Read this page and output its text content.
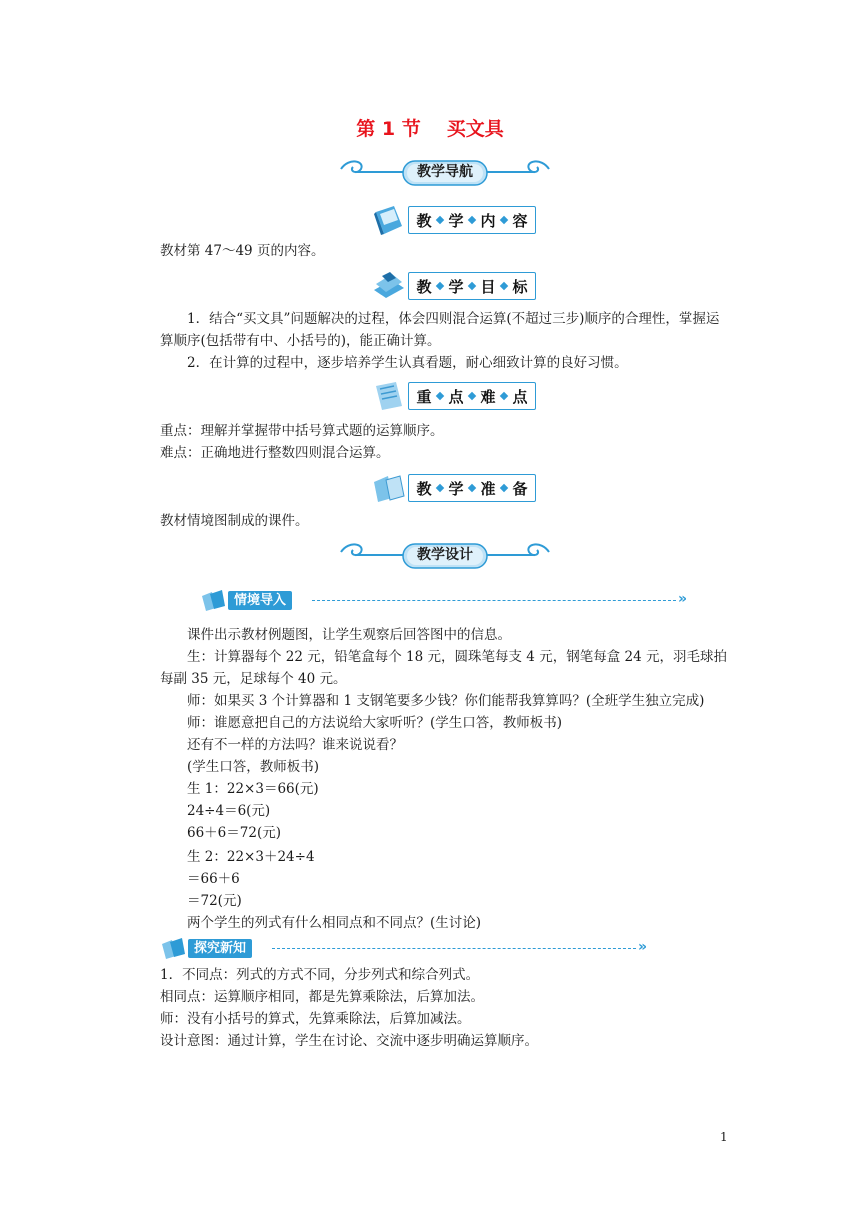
第 1 节 买文具
教学导航
教 学 内 容
教材第 47～49 页的内容。
教 学 目 标
　　1．结合“买文具”问题解决的过程，体会四则混合运算(不超过三步)顺序的合理性，掌握运算顺序(包括带有中、小括号的)，能正确计算。
　　2．在计算的过程中，逐步培养学生认真看题，耐心细致计算的良好习惯。
重 点 难 点
重点：理解并掌握带中括号算式题的运算顺序。
难点：正确地进行整数四则混合运算。
教 学 准 备
教材情境图制成的课件。
教学设计
情境导入	»
　　课件出示教材例题图，让学生观察后回答图中的信息。
　　生：计算器每个 22 元，铅笔盒每个 18 元，圆珠笔每支 4 元，钢笔每盒 24 元，羽毛球拍每副 35 元，足球每个 40 元。
　　师：如果买 3 个计算器和 1 支钢笔要多少钱？你们能帮我算算吗？(全班学生独立完成)
　　师：谁愿意把自己的方法说给大家听听？(学生口答，教师板书)
　　还有不一样的方法吗？谁来说说看？
　　(学生口答，教师板书)
　　生 1：22×3＝66(元)
　　24÷4＝6(元)
　　66＋6＝72(元)
　　生 2：22×3＋24÷4
　　＝66＋6
　　＝72(元)
　　两个学生的列式有什么相同点和不同点？(生讨论)
探究新知	»
1．不同点：列式的方式不同，分步列式和综合列式。
相同点：运算顺序相同，都是先算乘除法，后算加法。
师：没有小括号的算式，先算乘除法，后算加减法。
设计意图：通过计算，学生在讨论、交流中逐步明确运算顺序。
1
